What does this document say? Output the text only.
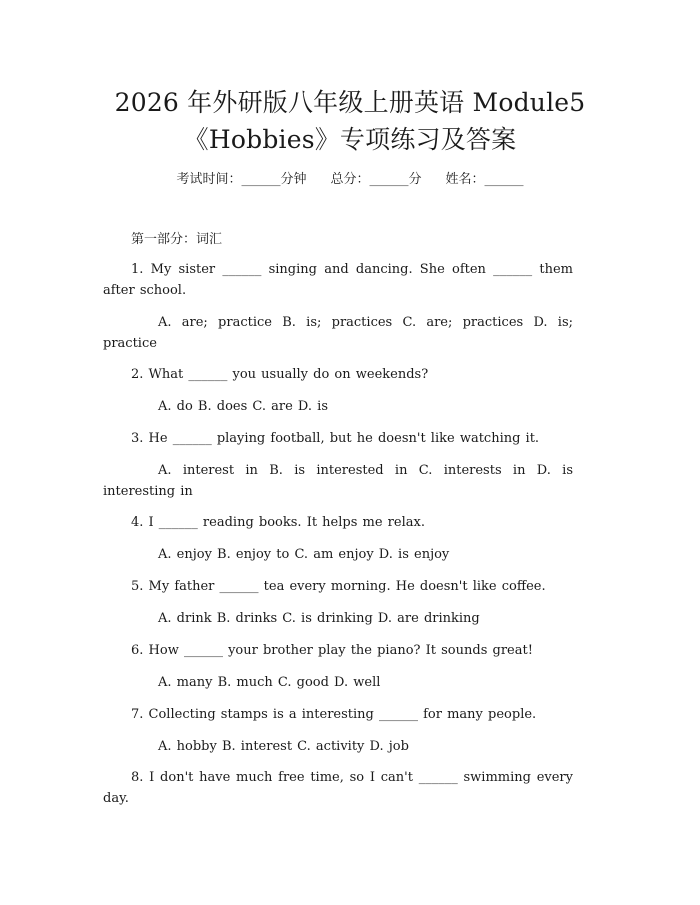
2026 年外研版八年级上册英语 Module5
《Hobbies》专项练习及答案
考试时间：______分钟 总分：______分 姓名：______
第一部分：词汇
1. My sister ______ singing and dancing. She often ______ them after school.
A. are; practice B. is; practices C. are; practices D. is; practice
2. What ______ you usually do on weekends?
A. do B. does C. are D. is
3. He ______ playing football, but he doesn't like watching it.
A. interest in B. is interested in C. interests in D. is interesting in
4. I ______ reading books. It helps me relax.
A. enjoy B. enjoy to C. am enjoy D. is enjoy
5. My father ______ tea every morning. He doesn't like coffee.
A. drink B. drinks C. is drinking D. are drinking
6. How ______ your brother play the piano? It sounds great!
A. many B. much C. good D. well
7. Collecting stamps is a interesting ______ for many people.
A. hobby B. interest C. activity D. job
8. I don't have much free time, so I can't ______ swimming every day.
